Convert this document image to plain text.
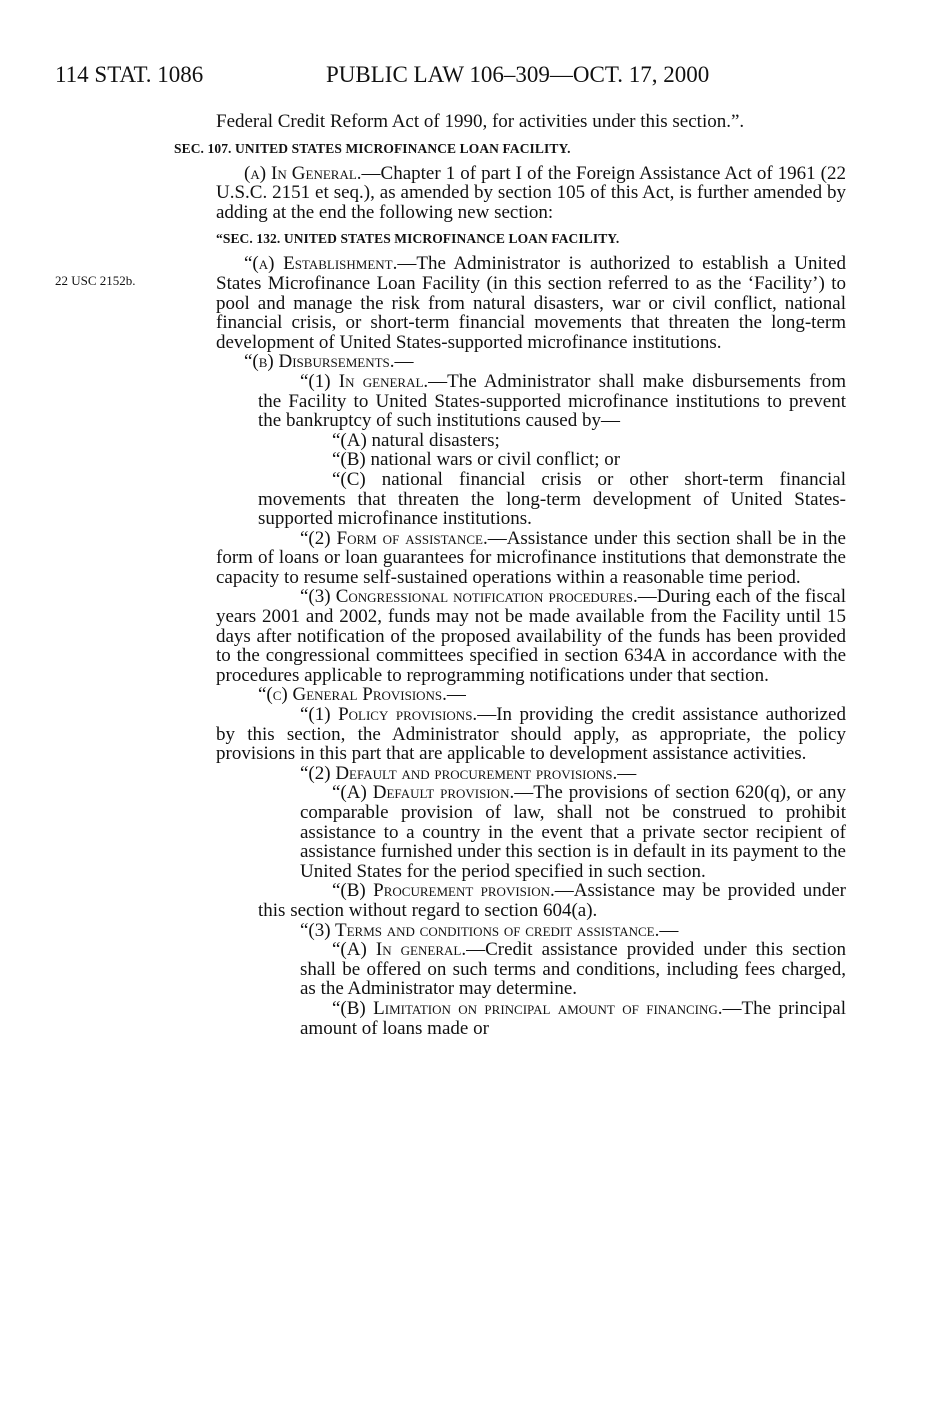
114 STAT. 1086	PUBLIC LAW 106–309—OCT. 17, 2000
22 USC 2152b.

Federal Credit Reform Act of 1990, for activities under this section.”.

SEC. 107. UNITED STATES MICROFINANCE LOAN FACILITY.

(a) In General.—Chapter 1 of part I of the Foreign Assistance Act of 1961 (22 U.S.C. 2151 et seq.), as amended by section 105 of this Act, is further amended by adding at the end the following new section:

“SEC. 132. UNITED STATES MICROFINANCE LOAN FACILITY.

“(a) Establishment.—The Administrator is authorized to establish a United States Microfinance Loan Facility (in this section referred to as the ‘Facility’) to pool and manage the risk from natural disasters, war or civil conflict, national financial crisis, or short-term financial movements that threaten the long-term development of United States-supported microfinance institutions.

“(b) Disbursements.—

“(1) In general.—The Administrator shall make disbursements from the Facility to United States-supported microfinance institutions to prevent the bankruptcy of such institutions caused by—

“(A) natural disasters;

“(B) national wars or civil conflict; or

“(C) national financial crisis or other short-term financial movements that threaten the long-term development of United States-supported microfinance institutions.

“(2) Form of assistance.—Assistance under this section shall be in the form of loans or loan guarantees for microfinance institutions that demonstrate the capacity to resume self-sustained operations within a reasonable time period.

“(3) Congressional notification procedures.—During each of the fiscal years 2001 and 2002, funds may not be made available from the Facility until 15 days after notification of the proposed availability of the funds has been provided to the congressional committees specified in section 634A in accordance with the procedures applicable to reprogramming notifications under that section.

“(c) General Provisions.—

“(1) Policy provisions.—In providing the credit assistance authorized by this section, the Administrator should apply, as appropriate, the policy provisions in this part that are applicable to development assistance activities.

“(2) Default and procurement provisions.—

“(A) Default provision.—The provisions of section 620(q), or any comparable provision of law, shall not be construed to prohibit assistance to a country in the event that a private sector recipient of assistance furnished under this section is in default in its payment to the United States for the period specified in such section.

“(B) Procurement provision.—Assistance may be provided under this section without regard to section 604(a).

“(3) Terms and conditions of credit assistance.—

“(A) In general.—Credit assistance provided under this section shall be offered on such terms and conditions, including fees charged, as the Administrator may determine.

“(B) Limitation on principal amount of financing.—The principal amount of loans made or
